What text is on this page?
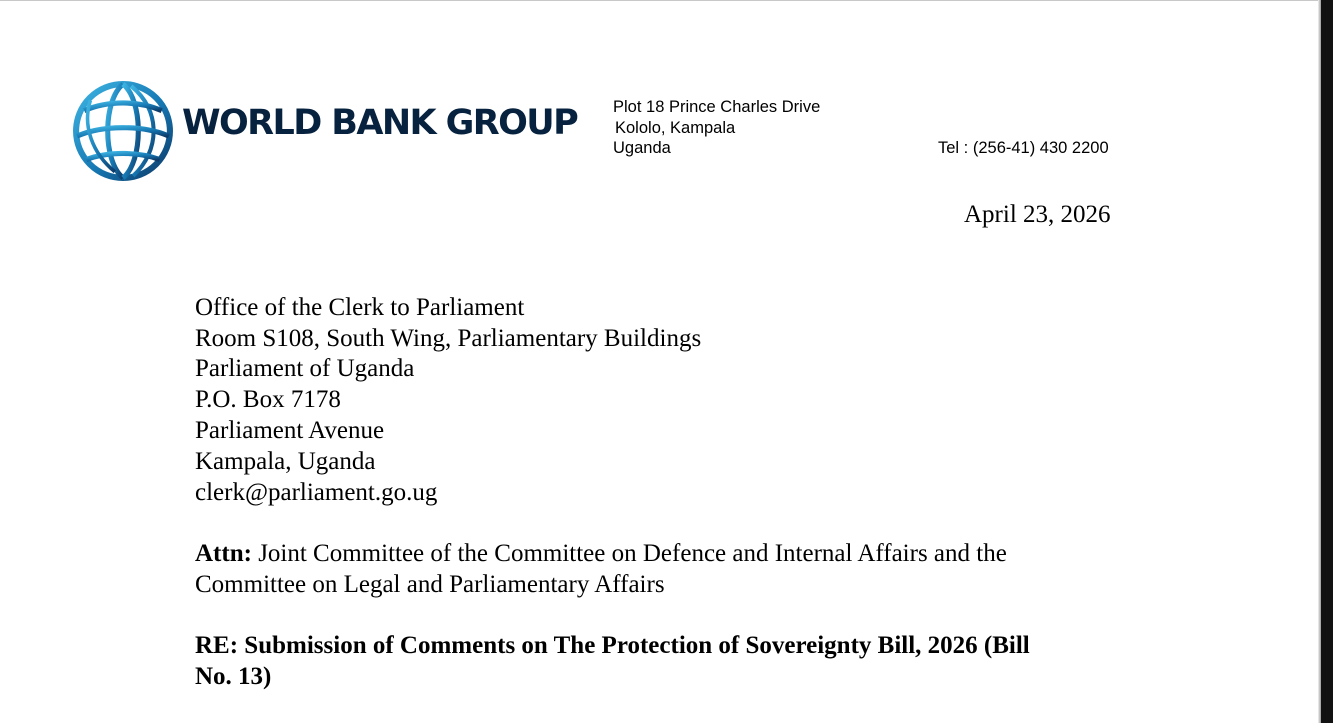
WORLD BANK GROUP Plot 18 Prince Charles Drive
Kololo, Kampala
Uganda	Tel : (256-41) 430 2200
April 23, 2026
Office of the Clerk to Parliament
Room S108, South Wing, Parliamentary Buildings
Parliament of Uganda
P.O. Box 7178
Parliament Avenue
Kampala, Uganda
clerk@parliament.go.ug
Attn: Joint Committee of the Committee on Defence and Internal Affairs and the
Committee on Legal and Parliamentary Affairs
RE: Submission of Comments on The Protection of Sovereignty Bill, 2026 (Bill
No. 13)
